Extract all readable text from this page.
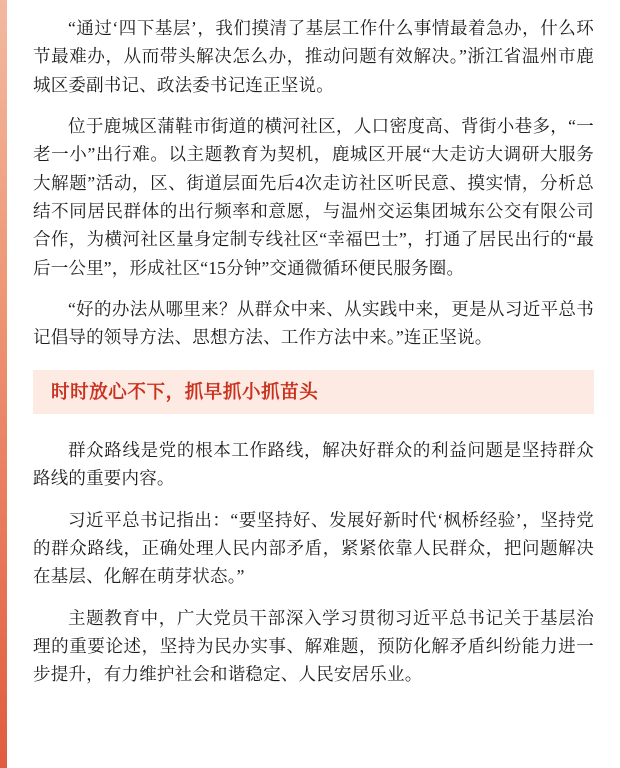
“通过‘四下基层’，我们摸清了基层工作什么事情最着急办，什么环节最难办，从而带头解决怎么办，推动问题有效解决。”浙江省温州市鹿城区委副书记、政法委书记连正坚说。

位于鹿城区蒲鞋市街道的横河社区，人口密度高、背街小巷多，“一老一小”出行难。以主题教育为契机，鹿城区开展“大走访大调研大服务大解题”活动，区、街道层面先后4次走访社区听民意、摸实情，分析总结不同居民群体的出行频率和意愿，与温州交运集团城东公交有限公司合作，为横河社区量身定制专线社区“幸福巴士”，打通了居民出行的“最后一公里”，形成社区“15分钟”交通微循环便民服务圈。

“好的办法从哪里来？从群众中来、从实践中来，更是从习近平总书记倡导的领导方法、思想方法、工作方法中来。”连正坚说。

时时放心不下，抓早抓小抓苗头

群众路线是党的根本工作路线，解决好群众的利益问题是坚持群众路线的重要内容。

习近平总书记指出：“要坚持好、发展好新时代‘枫桥经验’，坚持党的群众路线，正确处理人民内部矛盾，紧紧依靠人民群众，把问题解决在基层、化解在萌芽状态。”

主题教育中，广大党员干部深入学习贯彻习近平总书记关于基层治理的重要论述，坚持为民办实事、解难题，预防化解矛盾纠纷能力进一步提升，有力维护社会和谐稳定、人民安居乐业。
